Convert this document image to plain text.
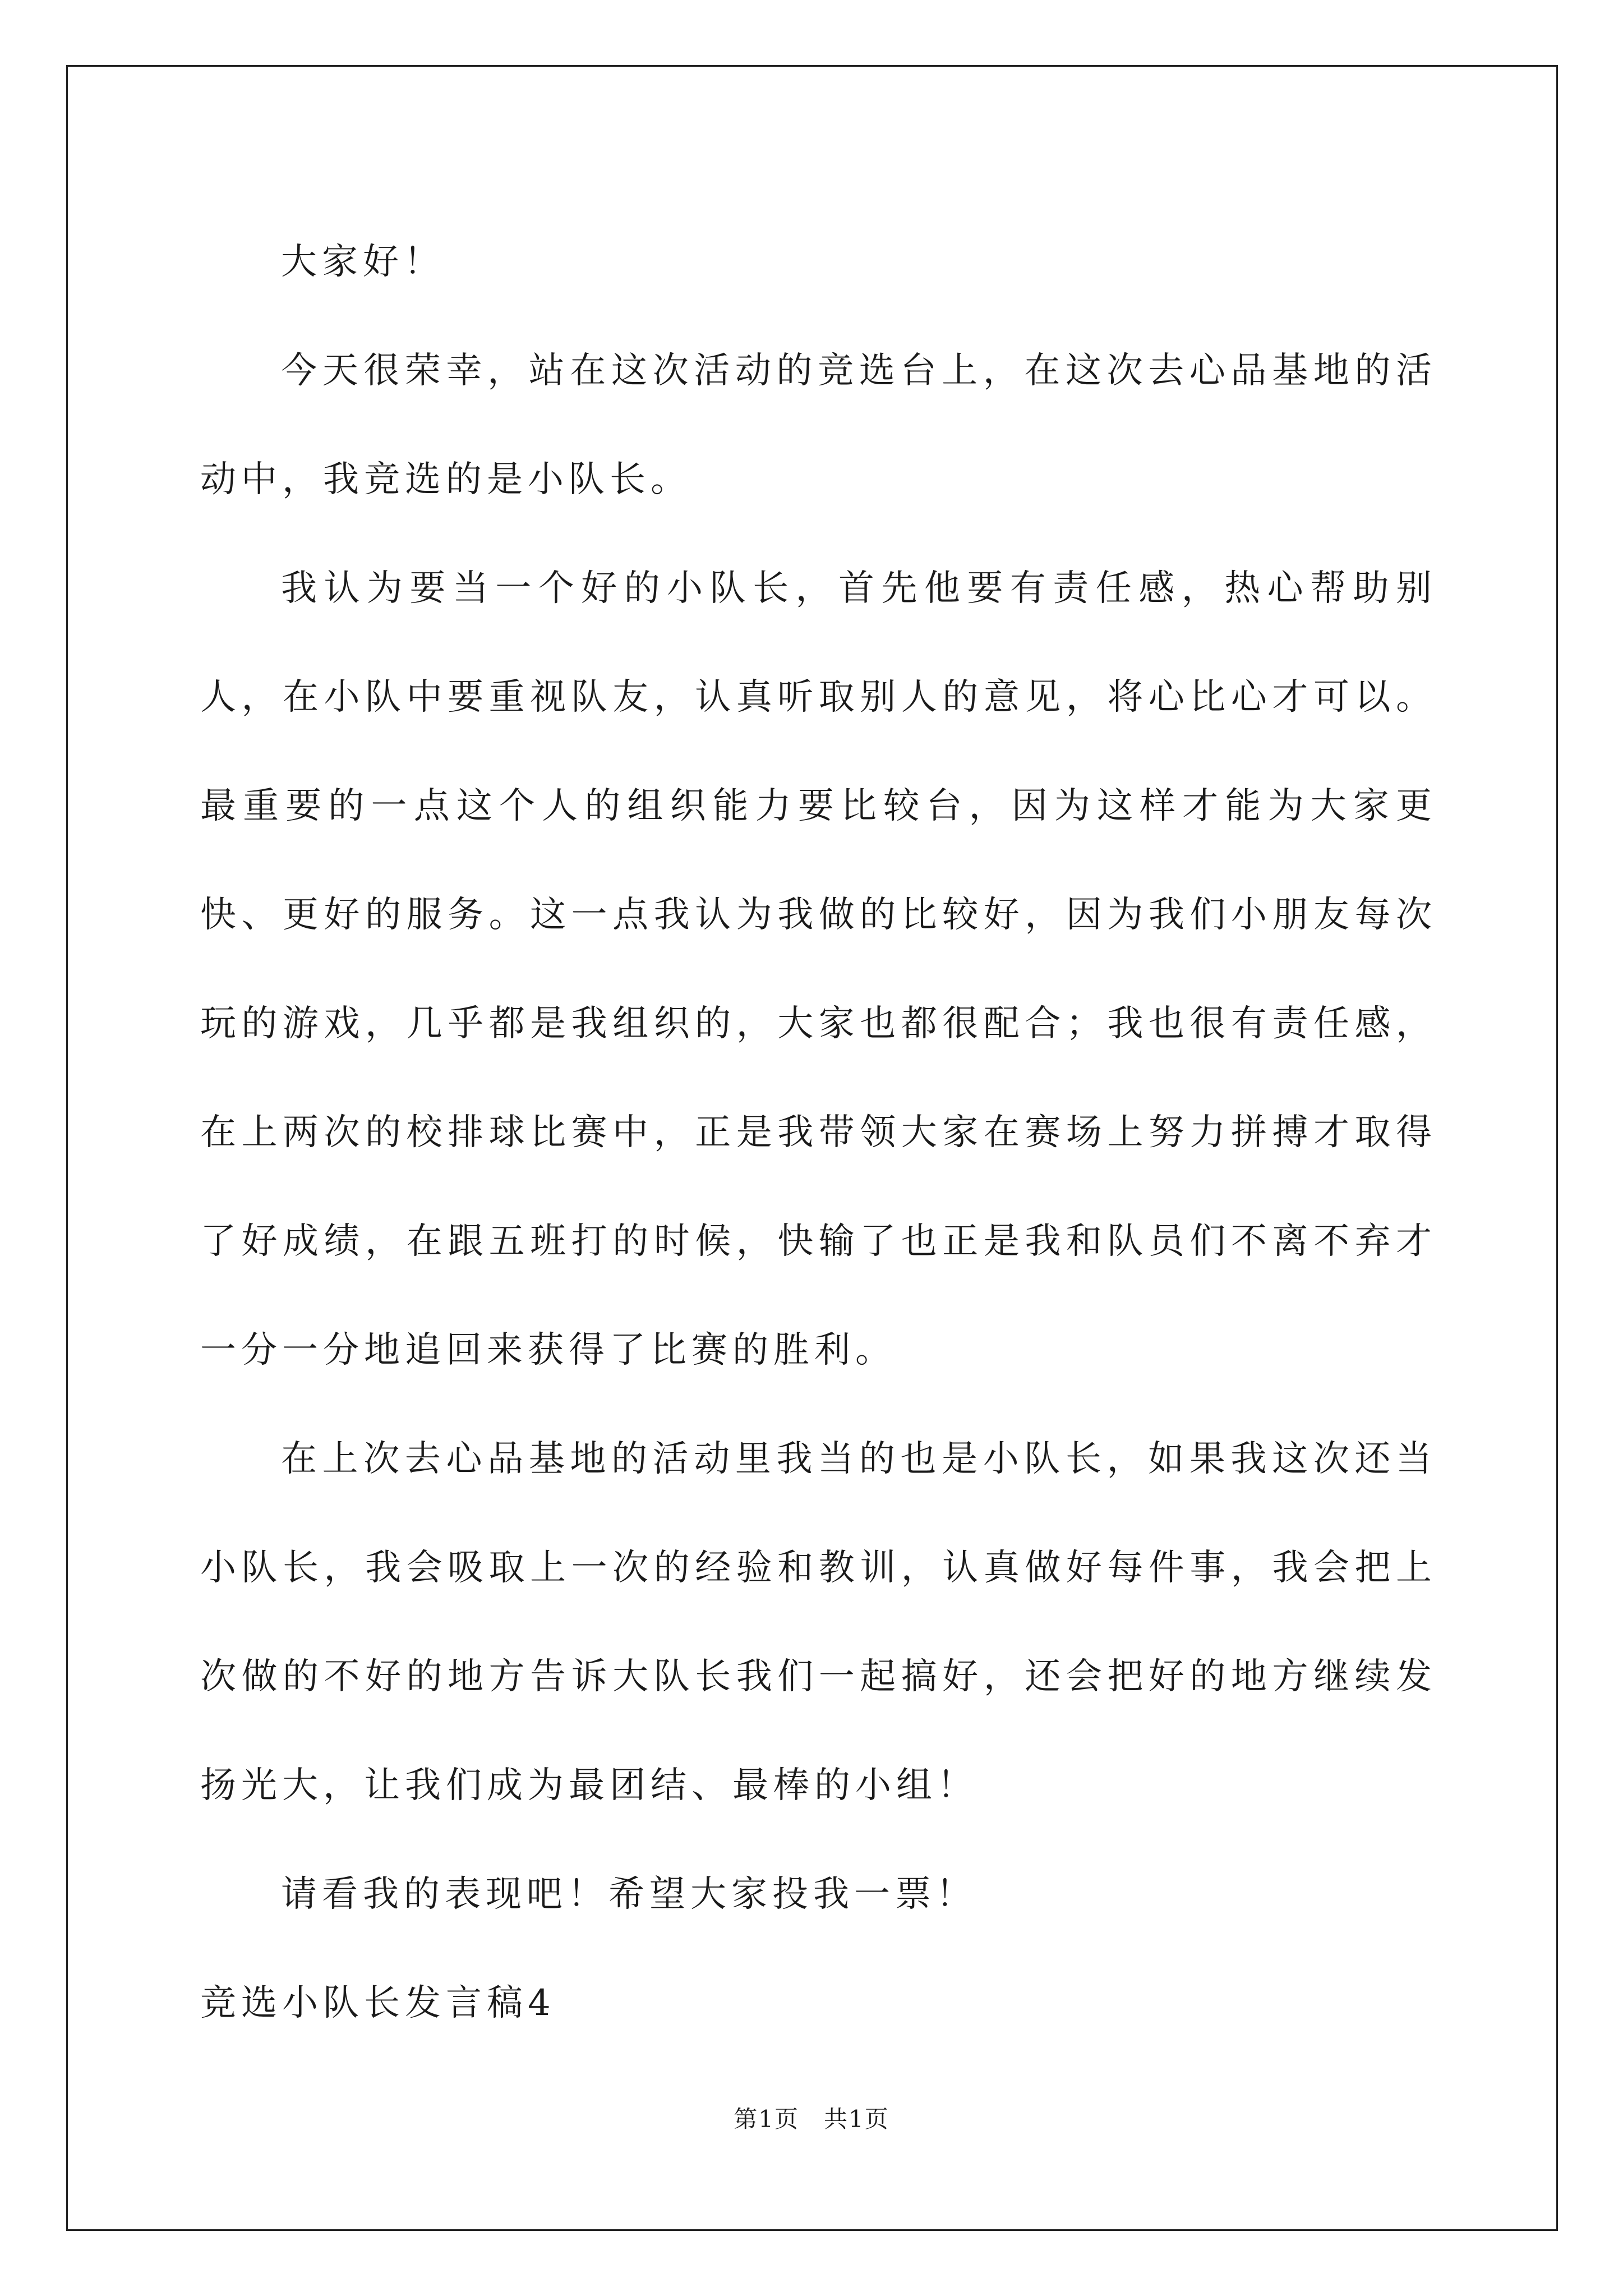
大家好！

今天很荣幸，站在这次活动的竞选台上，在这次去心品基地的活动中，我竞选的是小队长。

我认为要当一个好的小队长，首先他要有责任感，热心帮助别人，在小队中要重视队友，认真听取别人的意见，将心比心才可以。最重要的一点这个人的组织能力要比较台，因为这样才能为大家更快、更好的服务。这一点我认为我做的比较好，因为我们小朋友每次玩的游戏，几乎都是我组织的，大家也都很配合；我也很有责任感，在上两次的校排球比赛中，正是我带领大家在赛场上努力拼搏才取得了好成绩，在跟五班打的时候，快输了也正是我和队员们不离不弃才一分一分地追回来获得了比赛的胜利。

在上次去心品基地的活动里我当的也是小队长，如果我这次还当小队长，我会吸取上一次的经验和教训，认真做好每件事，我会把上次做的不好的地方告诉大队长我们一起搞好，还会把好的地方继续发扬光大，让我们成为最团结、最棒的小组！

请看我的表现吧！希望大家投我一票！

竞选小队长发言稿4

第1页　共1页
